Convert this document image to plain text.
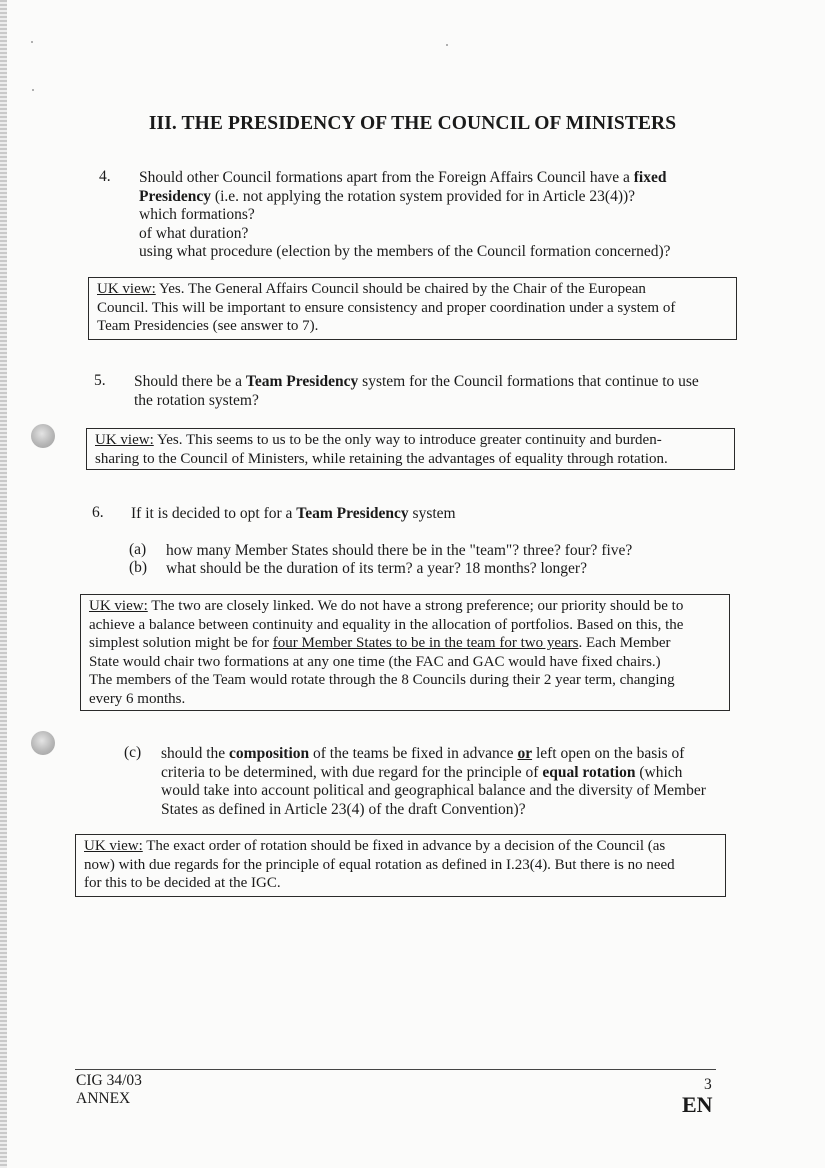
III. THE PRESIDENCY OF THE COUNCIL OF MINISTERS
4. Should other Council formations apart from the Foreign Affairs Council have a fixed
Presidency (i.e. not applying the rotation system provided for in Article 23(4))?
which formations?
of what duration?
using what procedure (election by the members of the Council formation concerned)?
UK view: Yes. The General Affairs Council should be chaired by the Chair of the European
Council. This will be important to ensure consistency and proper coordination under a system of
Team Presidencies (see answer to 7).
5. Should there be a Team Presidency system for the Council formations that continue to use
the rotation system?
UK view: Yes. This seems to us to be the only way to introduce greater continuity and burden-
sharing to the Council of Ministers, while retaining the advantages of equality through rotation.
6. If it is decided to opt for a Team Presidency system
(a) how many Member States should there be in the "team"? three? four? five?
(b) what should be the duration of its term? a year? 18 months? longer?
UK view: The two are closely linked. We do not have a strong preference; our priority should be to
achieve a balance between continuity and equality in the allocation of portfolios. Based on this, the
simplest solution might be for four Member States to be in the team for two years. Each Member
State would chair two formations at any one time (the FAC and GAC would have fixed chairs.)
The members of the Team would rotate through the 8 Councils during their 2 year term, changing
every 6 months.
(c) should the composition of the teams be fixed in advance or left open on the basis of
criteria to be determined, with due regard for the principle of equal rotation (which
would take into account political and geographical balance and the diversity of Member
States as defined in Article 23(4) of the draft Convention)?
UK view: The exact order of rotation should be fixed in advance by a decision of the Council (as
now) with due regards for the principle of equal rotation as defined in I.23(4). But there is no need
for this to be decided at the IGC.
CIG 34/03
ANNEX
3
EN
